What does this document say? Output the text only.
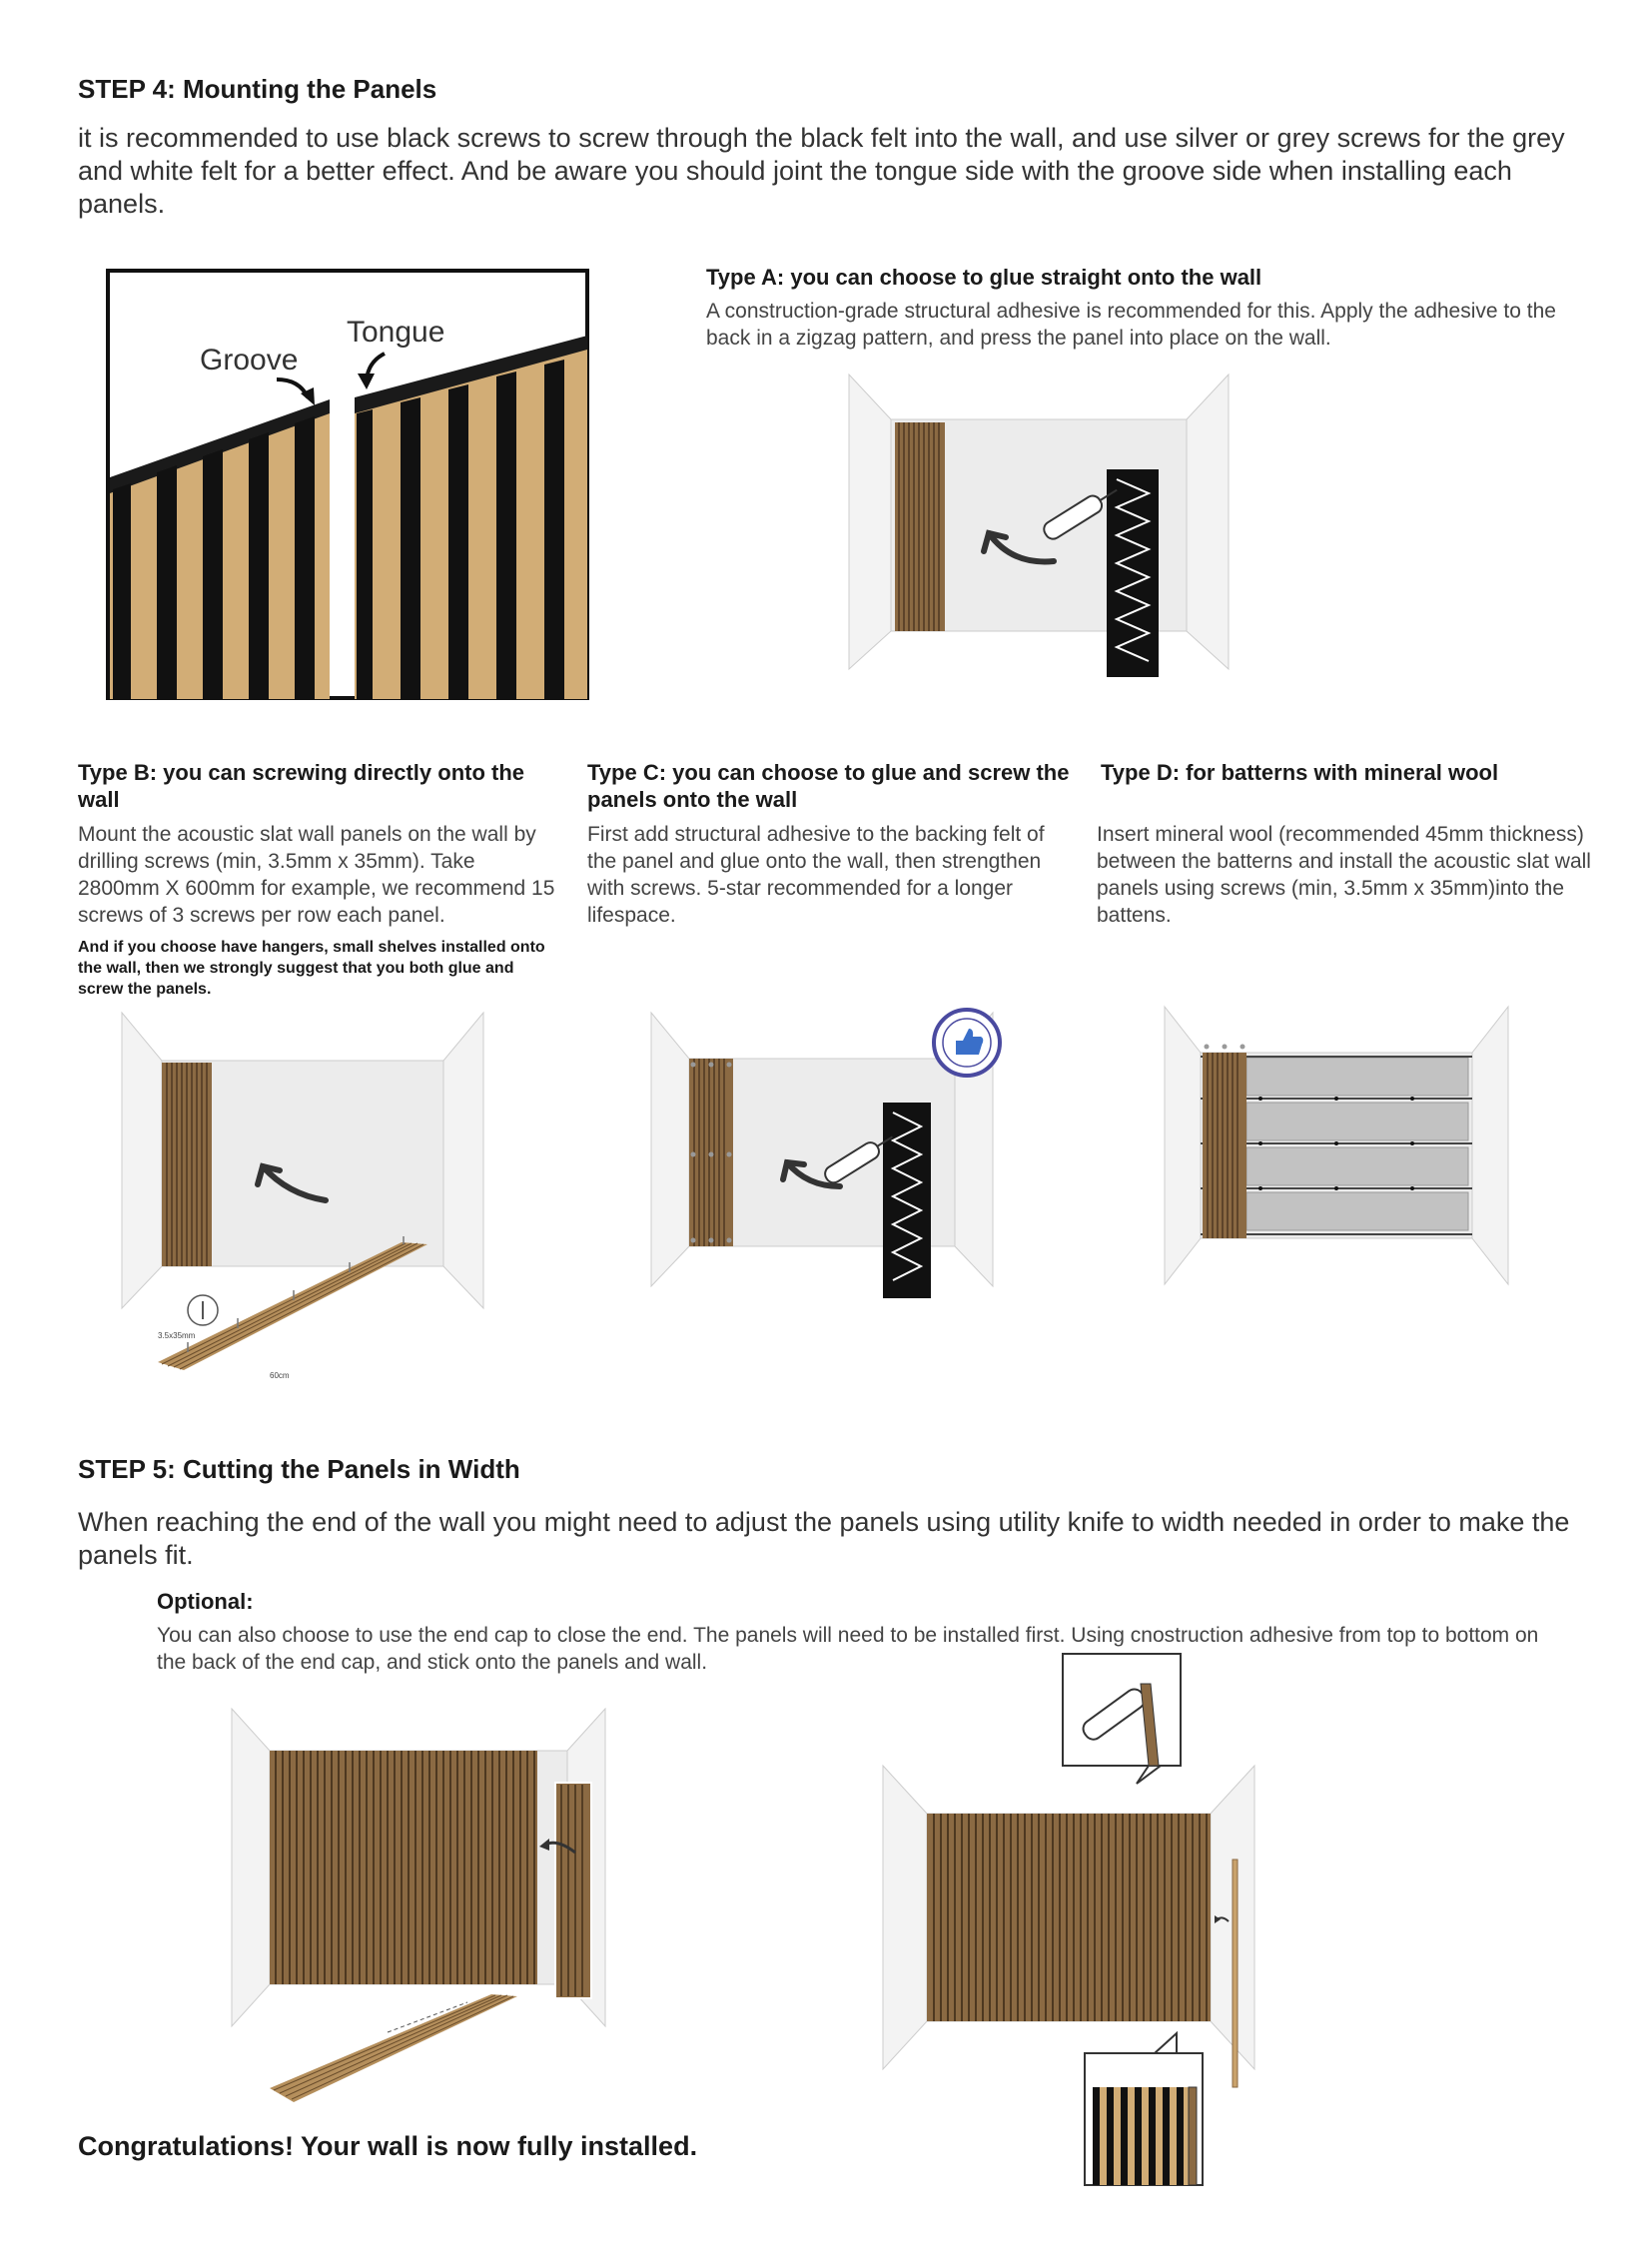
STEP 4: Mounting the Panels
it is recommended to use black screws to screw through the black felt into the wall, and use silver or grey screws for the grey and white felt for a better effect. And be aware you should joint the tongue side with the groove side when installing each panels.
Groove
Tongue
Type A: you can choose to glue straight onto the wall
A construction-grade structural adhesive is recommended for this. Apply the adhesive to the back in a zigzag pattern, and press the panel into place on the wall.
Type B: you can screwing directly onto the wall
Mount the acoustic slat wall panels on the wall by drilling screws (min, 3.5mm x 35mm). Take 2800mm X 600mm for example, we recommend 15 screws of 3 screws per row each panel.
And if you choose have hangers, small shelves installed onto the wall, then we strongly suggest that you both glue and screw the panels.
Type C: you can choose to glue and screw the panels onto the wall
First add structural adhesive to the backing felt of the panel and glue onto the wall, then strengthen with screws. 5-star recommended for a longer lifespace.
Type D: for batterns with mineral wool
Insert mineral wool (recommended 45mm thickness) between the batterns and install the acoustic slat wall panels using screws (min, 3.5mm x 35mm)into the battens.
3.5x35mm
60cm
STEP 5: Cutting the Panels in Width
When reaching the end of the wall you might need to adjust the panels using utility knife to width needed in order to make the panels fit.
Optional:
You can also choose to use the end cap to close the end. The panels will need to be installed first. Using cnostruction adhesive from top to bottom on the back of the end cap, and stick onto the panels and wall.
Congratulations! Your wall is now fully installed.
